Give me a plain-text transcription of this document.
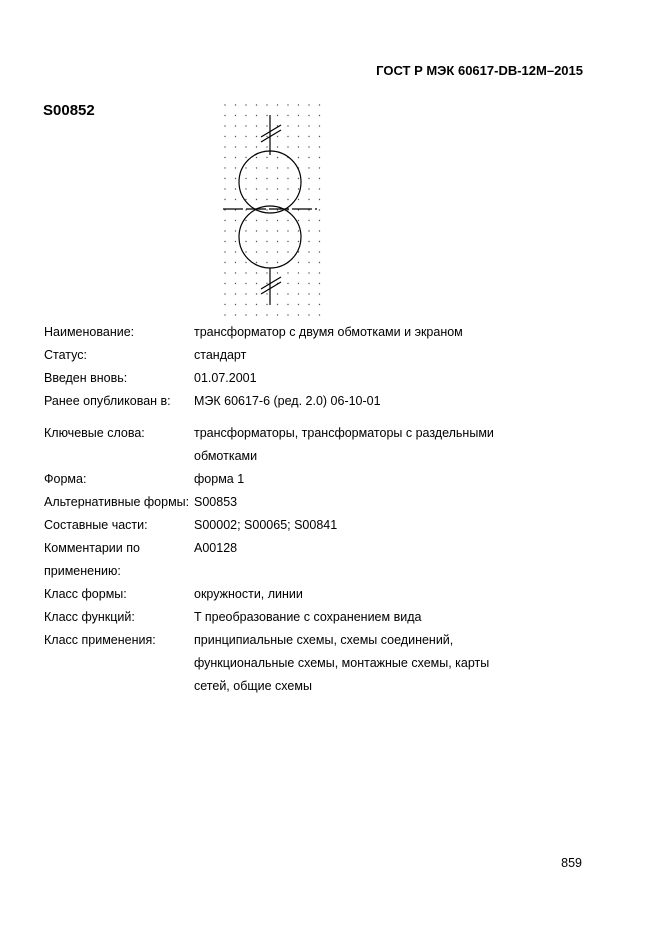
ГОСТ Р МЭК 60617-DB-12M–2015
S00852
Наименование:	трансформатор с двумя обмотками и экраном
Статус:	стандарт
Введен вновь:	01.07.2001
Ранее опубликован в:	МЭК 60617-6 (ред. 2.0) 06-10-01
Ключевые слова:	трансформаторы, трансформаторы с раздельными обмотками
Форма:	форма 1
Альтернативные формы: S00853
Составные части:	S00002; S00065; S00841
Комментарии по применению:
A00128
Класс формы:	окружности, линии
Класс функций:	T преобразование с сохранением вида
Класс применения:	принципиальные схемы, схемы соединений, функциональные схемы, монтажные схемы, карты сетей, общие схемы
859
